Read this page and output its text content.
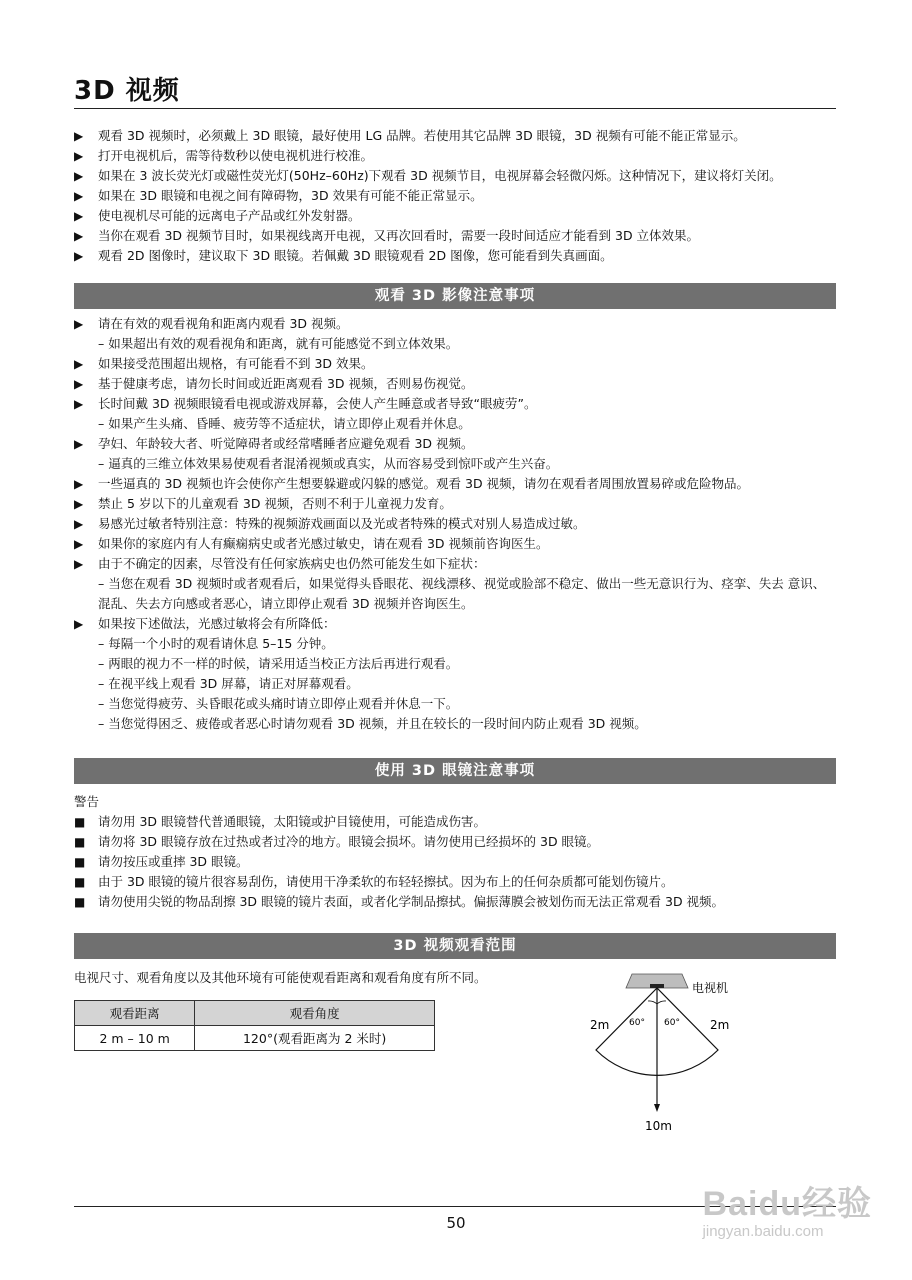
3D 视频
▶ 观看 3D 视频时，必须戴上 3D 眼镜，最好使用 LG 品牌。若使用其它品牌 3D 眼镜，3D 视频有可能不能正常显示。
▶ 打开电视机后，需等待数秒以使电视机进行校准。
▶ 如果在 3 波长荧光灯或磁性荧光灯(50Hz–60Hz)下观看 3D 视频节目，电视屏幕会轻微闪烁。这种情况下，建议将灯关闭。
▶ 如果在 3D 眼镜和电视之间有障碍物，3D 效果有可能不能正常显示。
▶ 使电视机尽可能的远离电子产品或红外发射器。
▶ 当你在观看 3D 视频节目时，如果视线离开电视，又再次回看时，需要一段时间适应才能看到 3D 立体效果。
▶ 观看 2D 图像时，建议取下 3D 眼镜。若佩戴 3D 眼镜观看 2D 图像，您可能看到失真画面。
观看 3D 影像注意事项
▶ 请在有效的观看视角和距离内观看 3D 视频。
– 如果超出有效的观看视角和距离，就有可能感觉不到立体效果。
▶ 如果接受范围超出规格，有可能看不到 3D 效果。
▶ 基于健康考虑，请勿长时间或近距离观看 3D 视频，否则易伤视觉。
▶ 长时间戴 3D 视频眼镜看电视或游戏屏幕，会使人产生睡意或者导致“眼疲劳”。
– 如果产生头痛、昏睡、疲劳等不适症状，请立即停止观看并休息。
▶ 孕妇、年龄较大者、听觉障碍者或经常嗜睡者应避免观看 3D 视频。
– 逼真的三维立体效果易使观看者混淆视频或真实，从而容易受到惊吓或产生兴奋。
▶ 一些逼真的 3D 视频也许会使你产生想要躲避或闪躲的感觉。观看 3D 视频，请勿在观看者周围放置易碎或危险物品。
▶ 禁止 5 岁以下的儿童观看 3D 视频，否则不利于儿童视力发育。
▶ 易感光过敏者特别注意：特殊的视频游戏画面以及光或者特殊的模式对别人易造成过敏。
▶ 如果你的家庭内有人有癫痫病史或者光感过敏史，请在观看 3D 视频前咨询医生。
▶ 由于不确定的因素，尽管没有任何家族病史也仍然可能发生如下症状：
– 当您在观看 3D 视频时或者观看后，如果觉得头昏眼花、视线漂移、视觉或脸部不稳定、做出一些无意识行为、痉挛、失去 意识、混乱、失去方向感或者恶心，请立即停止观看 3D 视频并咨询医生。
▶ 如果按下述做法，光感过敏将会有所降低：
– 每隔一个小时的观看请休息 5–15 分钟。
– 两眼的视力不一样的时候，请采用适当校正方法后再进行观看。
– 在视平线上观看 3D 屏幕，请正对屏幕观看。
– 当您觉得疲劳、头昏眼花或头痛时请立即停止观看并休息一下。
– 当您觉得困乏、疲倦或者恶心时请勿观看 3D 视频，并且在较长的一段时间内防止观看 3D 视频。
使用 3D 眼镜注意事项
警告
■ 请勿用 3D 眼镜替代普通眼镜，太阳镜或护目镜使用，可能造成伤害。
■ 请勿将 3D 眼镜存放在过热或者过冷的地方。眼镜会损坏。请勿使用已经损坏的 3D 眼镜。
■ 请勿按压或重摔 3D 眼镜。
■ 由于 3D 眼镜的镜片很容易刮伤，请使用干净柔软的布轻轻擦拭。因为布上的任何杂质都可能划伤镜片。
■ 请勿使用尖锐的物品刮擦 3D 眼镜的镜片表面，或者化学制品擦拭。偏振薄膜会被划伤而无法正常观看 3D 视频。
3D 视频观看范围
电视尺寸、观看角度以及其他环境有可能使观看距离和观看角度有所不同。
观看距离	观看角度
2 m – 10 m	120°(观看距离为 2 米时)
电视机
2m	2m
60° 60°
10m
50	Baidu经验
jingyan.baidu.com
